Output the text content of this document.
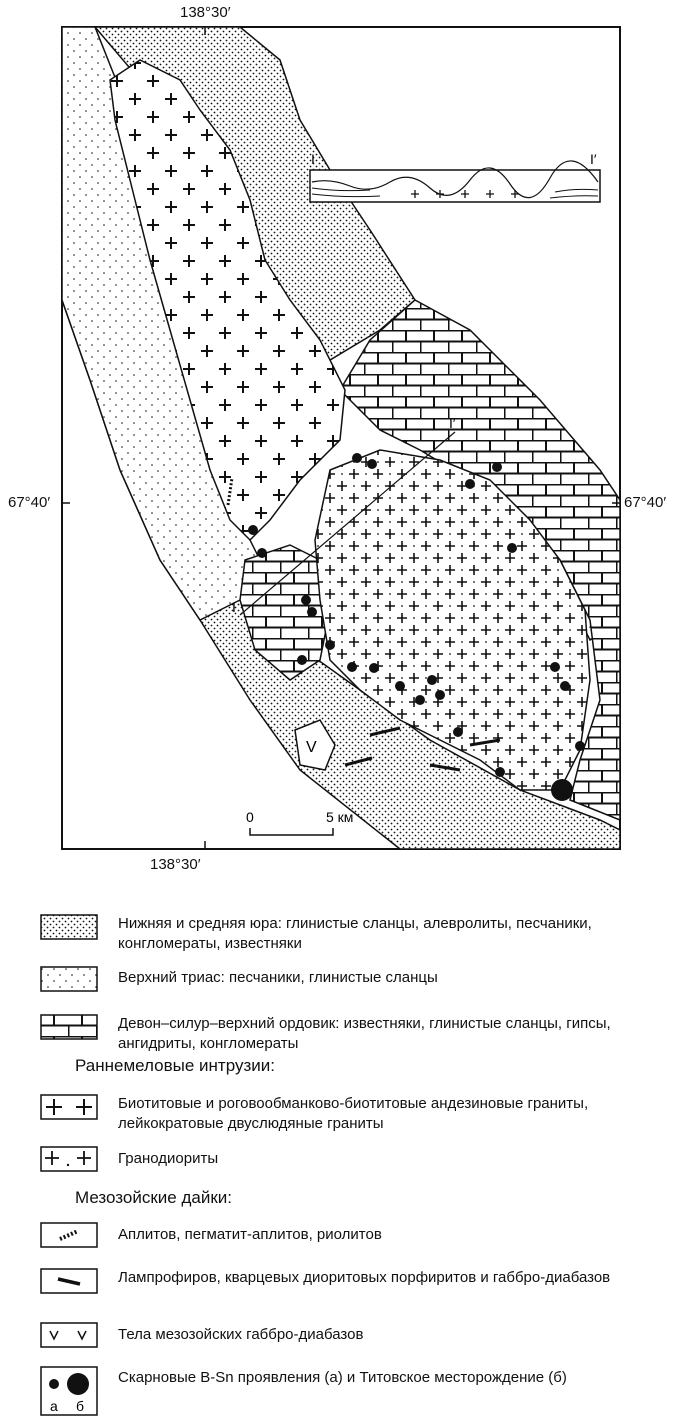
V
I
I′
I	I′
0	5 км
138°30′
138°30′
67°40′	67°40′
Нижняя и средняя юра: глинистые сланцы, алевролиты, песчаники, конгломераты, известняки
Верхний триас: песчаники, глинистые сланцы
Девон–силур–верхний ордовик: известняки, глинистые сланцы, гипсы, ангидриты, конгломераты
Раннемеловые интрузии:
Биотитовые и роговообманково-биотитовые андезиновые граниты, лейкократовые двуслюдяные граниты
Гранодиориты
Мезозойские дайки:
Аплитов, пегматит-аплитов, риолитов
Лампрофиров, кварцевых диоритовых порфиритов и габбро-диабазов
Тела мезозойских габбро-диабазов
а б
Скарновые B-Sn проявления (а) и Титовское месторождение (б)
